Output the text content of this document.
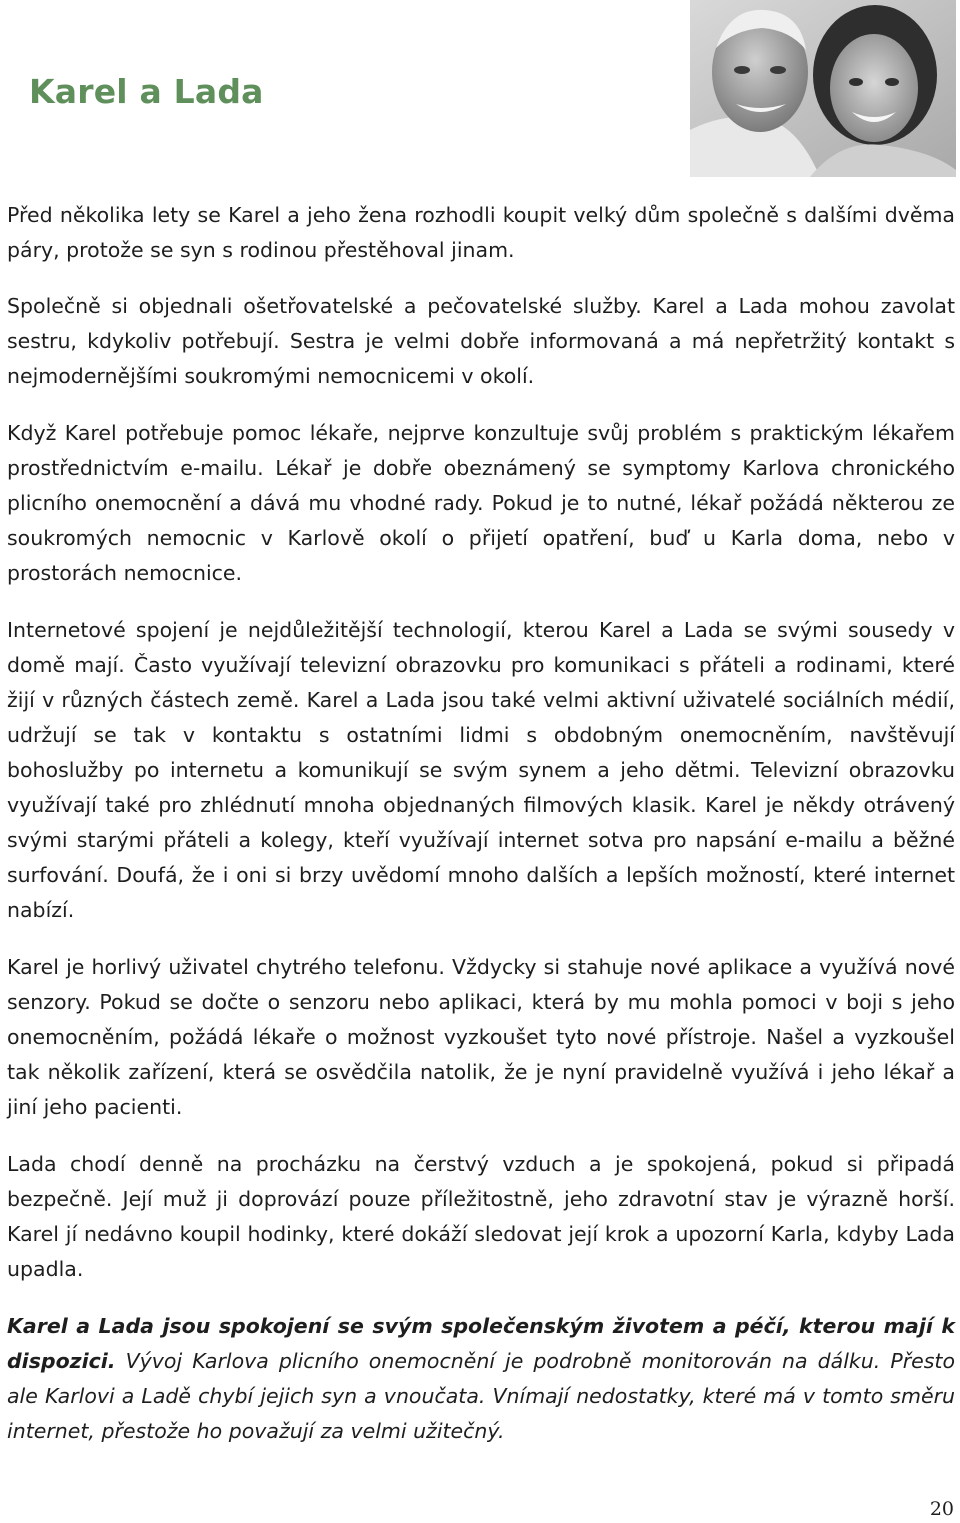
Karel a Lada

Před několika lety se Karel a jeho žena rozhodli koupit velký dům společně s dalšími dvěma páry, protože se syn s rodinou přestěhoval jinam.

Společně si objednali ošetřovatelské a pečovatelské služby. Karel a Lada mohou zavolat sestru, kdykoliv potřebují. Sestra je velmi dobře informovaná a má nepřetržitý kontakt s nejmodernějšími soukromými nemocnicemi v okolí.

Když Karel potřebuje pomoc lékaře, nejprve konzultuje svůj problém s praktickým lékařem prostřednictvím e-mailu. Lékař je dobře obeznámený se symptomy Karlova chronického plicního onemocnění a dává mu vhodné rady. Pokud je to nutné, lékař požádá některou ze soukromých nemocnic v Karlově okolí o přijetí opatření, buď u Karla doma, nebo v prostorách nemocnice.

Internetové spojení je nejdůležitější technologií, kterou Karel a Lada se svými sousedy v domě mají. Často využívají televizní obrazovku pro komunikaci s přáteli a rodinami, které žijí v různých částech země. Karel a Lada jsou také velmi aktivní uživatelé sociálních médií, udržují se tak v kontaktu s ostatními lidmi s obdobným onemocněním, navštěvují bohoslužby po internetu a komunikují se svým synem a jeho dětmi. Televizní obrazovku využívají také pro zhlédnutí mnoha objednaných filmových klasik. Karel je někdy otrávený svými starými přáteli a kolegy, kteří využívají internet sotva pro napsání e-mailu a běžné surfování. Doufá, že i oni si brzy uvědomí mnoho dalších a lepších možností, které internet nabízí.

Karel je horlivý uživatel chytrého telefonu. Vždycky si stahuje nové aplikace a využívá nové senzory. Pokud se dočte o senzoru nebo aplikaci, která by mu mohla pomoci v boji s jeho onemocněním, požádá lékaře o možnost vyzkoušet tyto nové přístroje. Našel a vyzkoušel tak několik zařízení, která se osvědčila natolik, že je nyní pravidelně využívá i jeho lékař a jiní jeho pacienti.

Lada chodí denně na procházku na čerstvý vzduch a je spokojená, pokud si připadá bezpečně. Její muž ji doprovází pouze příležitostně, jeho zdravotní stav je výrazně horší. Karel jí nedávno koupil hodinky, které dokáží sledovat její krok a upozorní Karla, kdyby Lada upadla.

Karel a Lada jsou spokojení se svým společenským životem a péčí, kterou mají k dispozici. Vývoj Karlova plicního onemocnění je podrobně monitorován na dálku. Přesto ale Karlovi a Ladě chybí jejich syn a vnoučata. Vnímají nedostatky, které má v tomto směru internet, přestože ho považují za velmi užitečný.

20
